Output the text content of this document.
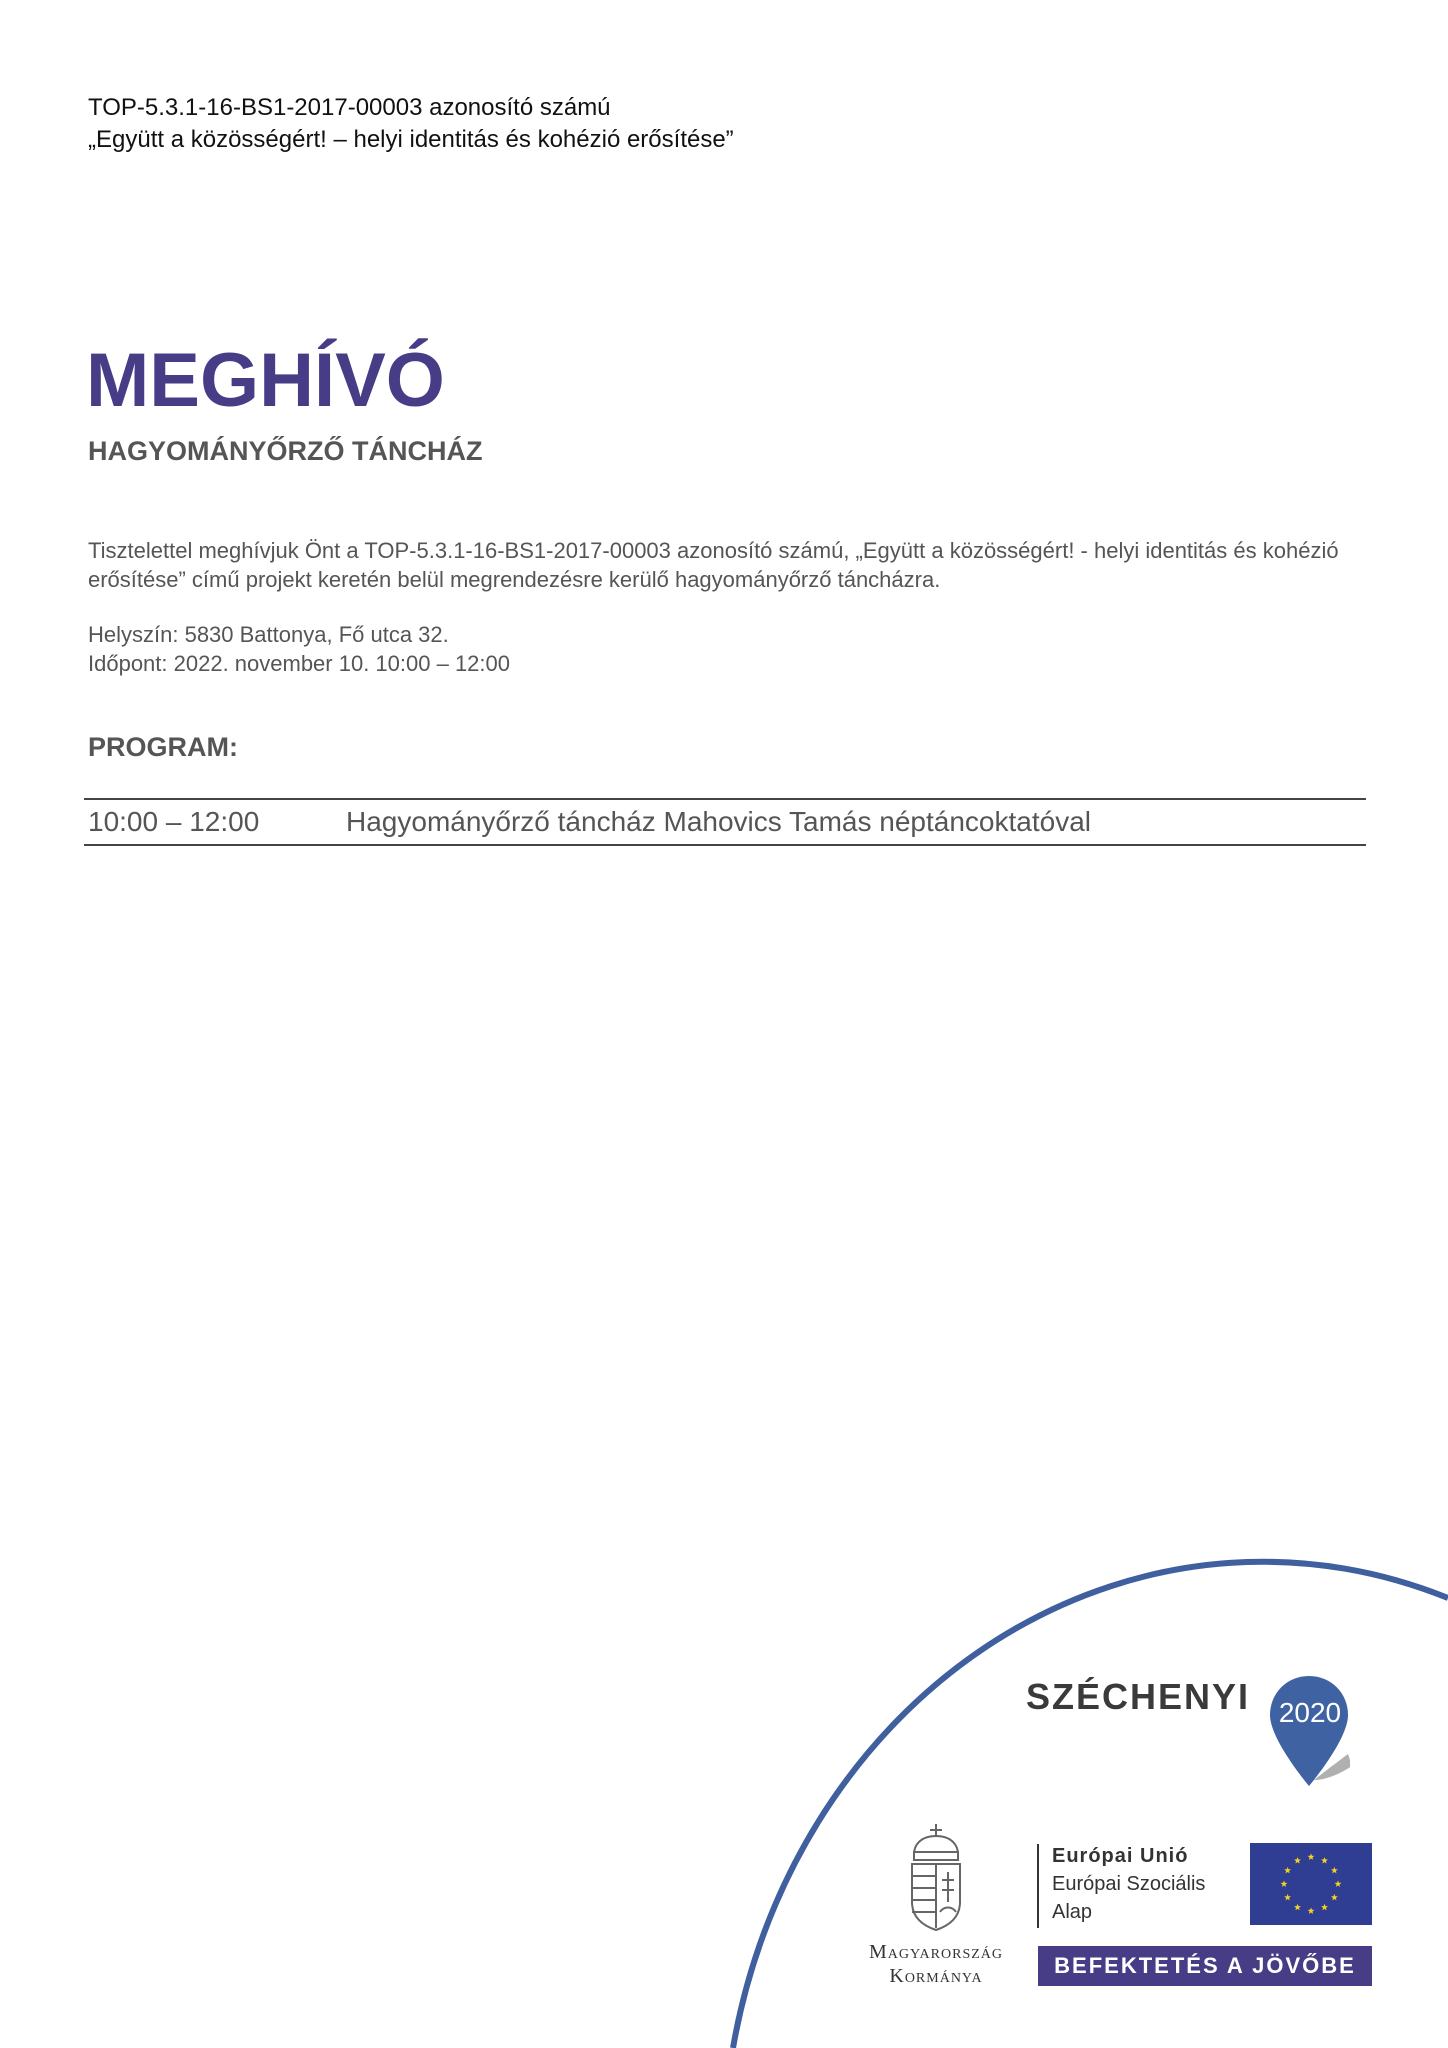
TOP-5.3.1-16-BS1-2017-00003 azonosító számú
„Együtt a közösségért! – helyi identitás és kohézió erősítése”
MEGHÍVÓ
HAGYOMÁNYŐRZŐ TÁNCHÁZ

Tisztelettel meghívjuk Önt a TOP-5.3.1-16-BS1-2017-00003 azonosító számú, „Együtt a közösségért! - helyi identitás és kohézió erősítése” című projekt keretén belül megrendezésre kerülő hagyományőrző táncházra.

Helyszín: 5830 Battonya, Fő utca 32.
Időpont: 2022. november 10. 10:00 – 12:00
PROGRAM:
10:00 – 12:00	Hagyományőrző táncház Mahovics Tamás néptáncoktatóval
SZÉCHENYI	2020
Magyarország
Kormánya
Európai Unió
Európai Szociális
Alap
BEFEKTETÉS A JÖVŐBE
